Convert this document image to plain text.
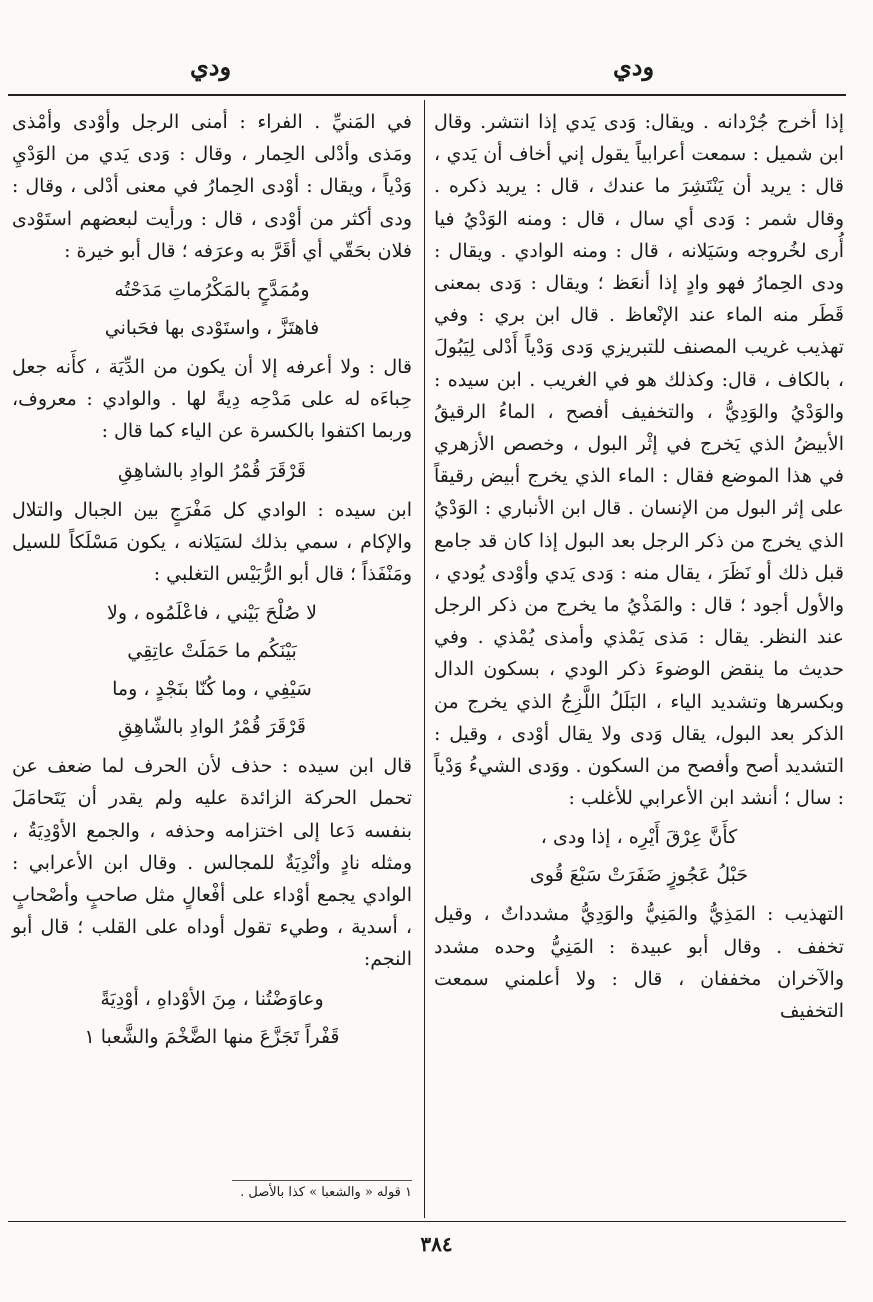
ودي	ودي

إذا أخرج جُرْدانه . ويقال: وَدى يَدي إذا انتشر. وقال ابن شميل : سمعت أعرابياً يقول إني أخاف أن يَدي ، قال : يريد أن يَنْتَشِرَ ما عندك ، قال : يريد ذكره . وقال شمر : وَدى أي سال ، قال : ومنه الوَدْيُ فيا أُرى لخُروجه وسَيَلانه ، قال : ومنه الوادي . ويقال : ودى الحِمارُ فهو وادٍ إذا أنعَظ ؛ ويقال : وَدى بمعنى قَطَر منه الماء عند الإنْعاظ . قال ابن بري : وفي تهذيب غريب المصنف للتبريزي وَدى وَدْياً أَدْلى لِيَبُولَ ، بالكاف ، قال: وكذلك هو في الغريب . ابن سيده : والوَدْيُ والوَدِيُّ ، والتخفيف أفصح ، الماءُ الرقيقُ الأبيضُ الذي يَخرج في إثْر البول ، وخصص الأزهري في هذا الموضع فقال : الماء الذي يخرج أبيض رقيقاً على إثر البول من الإنسان . قال ابن الأنباري : الوَدْيُ الذي يخرج من ذكر الرجل بعد البول إذا كان قد جامع قبل ذلك أو نَظَرَ ، يقال منه : وَدى يَدي وأوْدى يُودي ، والأول أجود ؛ قال : والمَذْيُ ما يخرج من ذكر الرجل عند النظر. يقال : مَذى يَمْذي وأمذى يُمْذي . وفي حديث ما ينقض الوضوءَ ذكر الودي ، بسكون الدال وبكسرها وتشديد الياء ، البَلَلُ اللَّزِجُ الذي يخرج من الذكر بعد البول، يقال وَدى ولا يقال أوْدى ، وقيل : التشديد أصح وأفصح من السكون . ووَدى الشيءُ وَدْياً : سال ؛ أنشد ابن الأعرابي للأغلب :

كأَنَّ عِرْقَ أَيْرِه ، إذا ودى ،

حَبْلُ عَجُوزٍ ضَفَرَتْ سَبْعَ قُوى

التهذيب : المَذِيُّ والمَنِيُّ والوَدِيُّ مشدداتٌ ، وقيل تخفف . وقال أبو عبيدة : المَنِيُّ وحده مشدد والآخران مخففان ، قال : ولا أعلمني سمعت التخفيف

في المَنيِّ . الفراء : أمنى الرجل وأوْدى وأمْذى ومَذى وأدْلى الحِمار ، وقال : وَدى يَدي من الوَدْيِ وَدْياً ، ويقال : أوْدى الحِمارُ في معنى أدْلى ، وقال : ودى أكثر من أوْدى ، قال : ورأيت لبعضهم استَوْدى فلان بحَقّي أي أقَرَّ به وعرَفه ؛ قال أبو خيرة :

ومُمَدَّحٍ بالمَكْرُماتِ مَدَحْتُه

فاهتَزَّ ، واستَوْدى بها فحَباني

قال : ولا أعرفه إلا أن يكون من الدِّيَة ، كأَنه جعل حِباءَه له على مَدْحِه دِيةً لها . والوادي : معروف، وربما اكتفوا بالكسرة عن الياء كما قال :

قَرْقَرَ قُمْرُ الوادِ بالشاهِقِ

ابن سيده : الوادي كل مَفْرَجٍ بين الجبال والتلال والإكام ، سمي بذلك لسَيَلانه ، يكون مَسْلَكاً للسيل ومَنْفَذاً ؛ قال أبو الرُّبَيْس التغلبي :

لا صُلْحَ بَيْني ، فاعْلَمُوه ، ولا

بَيْنَكُم ما حَمَلَتْ عاتِقِي

سَيْفِي ، وما كُنّا بنَجْدٍ ، وما

قَرْقَرَ قُمْرُ الوادِ بالشّاهِقِ

قال ابن سيده : حذف لأن الحرف لما ضعف عن تحمل الحركة الزائدة عليه ولم يقدر أن يَتَحامَلَ بنفسه دَعا إلى اختزامه وحذفه ، والجمع الأوْدِيَةُ ، ومثله نادٍ وأنْدِيَةٌ للمجالس . وقال ابن الأعرابي : الوادي يجمع أوْداء على أفْعالٍ مثل صاحبٍ وأصْحابٍ ، أسدية ، وطيء تقول أوداه على القلب ؛ قال أبو النجم:

وعاوَضْتُنا ، مِنَ الأوْداهِ ، أوْدِيَةً

قَفْراً تَجَزَّعَ منها الضَّخْمَ والشَّعبا ١

١ قوله « والشعبا » كذا بالأصل .
٣٨٤
